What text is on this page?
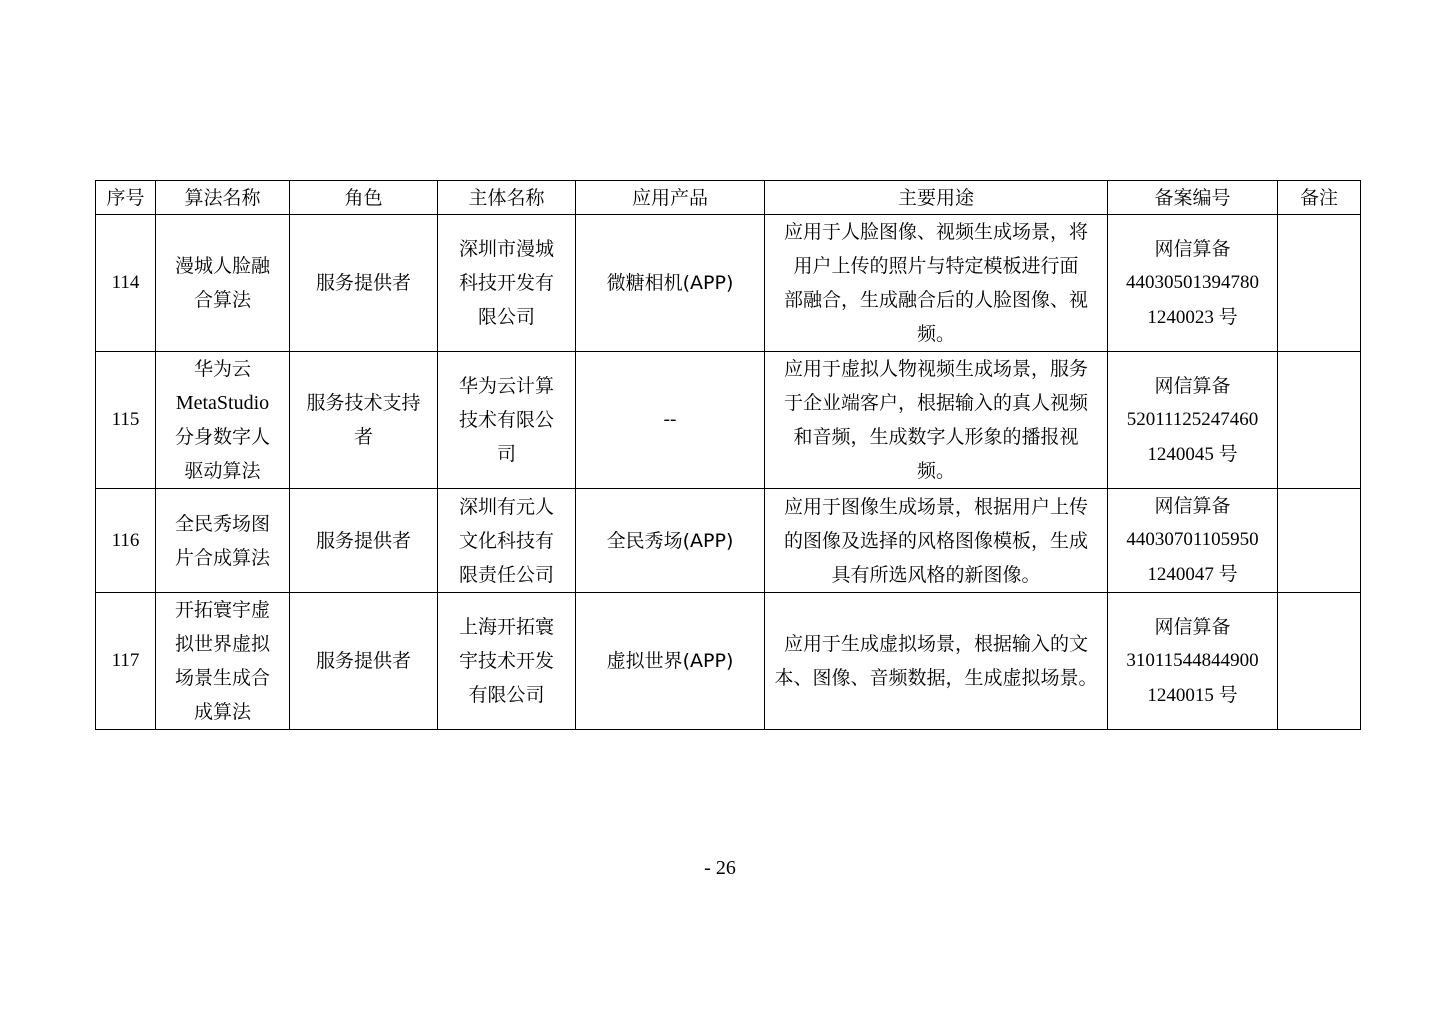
序号	算法名称	角色	主体名称	应用产品	主要用途	备案编号	备注
114	漫城人脸融
合算法	服务提供者	深圳市漫城
科技开发有
限公司	微糖相机(APP)	应用于人脸图像、视频生成场景，将
用户上传的照片与特定模板进行面
部融合，生成融合后的人脸图像、视
频。	网信算备
44030501394780
1240023 号	

115	华为云
MetaStudio
分身数字人
驱动算法	服务技术支持
者	华为云计算
技术有限公
司	--	应用于虚拟人物视频生成场景，服务
于企业端客户，根据输入的真人视频
和音频，生成数字人形象的播报视
频。	网信算备
52011125247460
1240045 号	

116	全民秀场图
片合成算法	服务提供者	深圳有元人
文化科技有
限责任公司	全民秀场(APP)	应用于图像生成场景，根据用户上传
的图像及选择的风格图像模板，生成
具有所选风格的新图像。	网信算备
44030701105950
1240047 号	

117	开拓寰宇虚
拟世界虚拟
场景生成合
成算法	服务提供者	上海开拓寰
宇技术开发
有限公司	虚拟世界(APP)	应用于生成虚拟场景，根据输入的文
本、图像、音频数据，生成虚拟场景。	网信算备
31011544844900
1240015 号	

- 26
